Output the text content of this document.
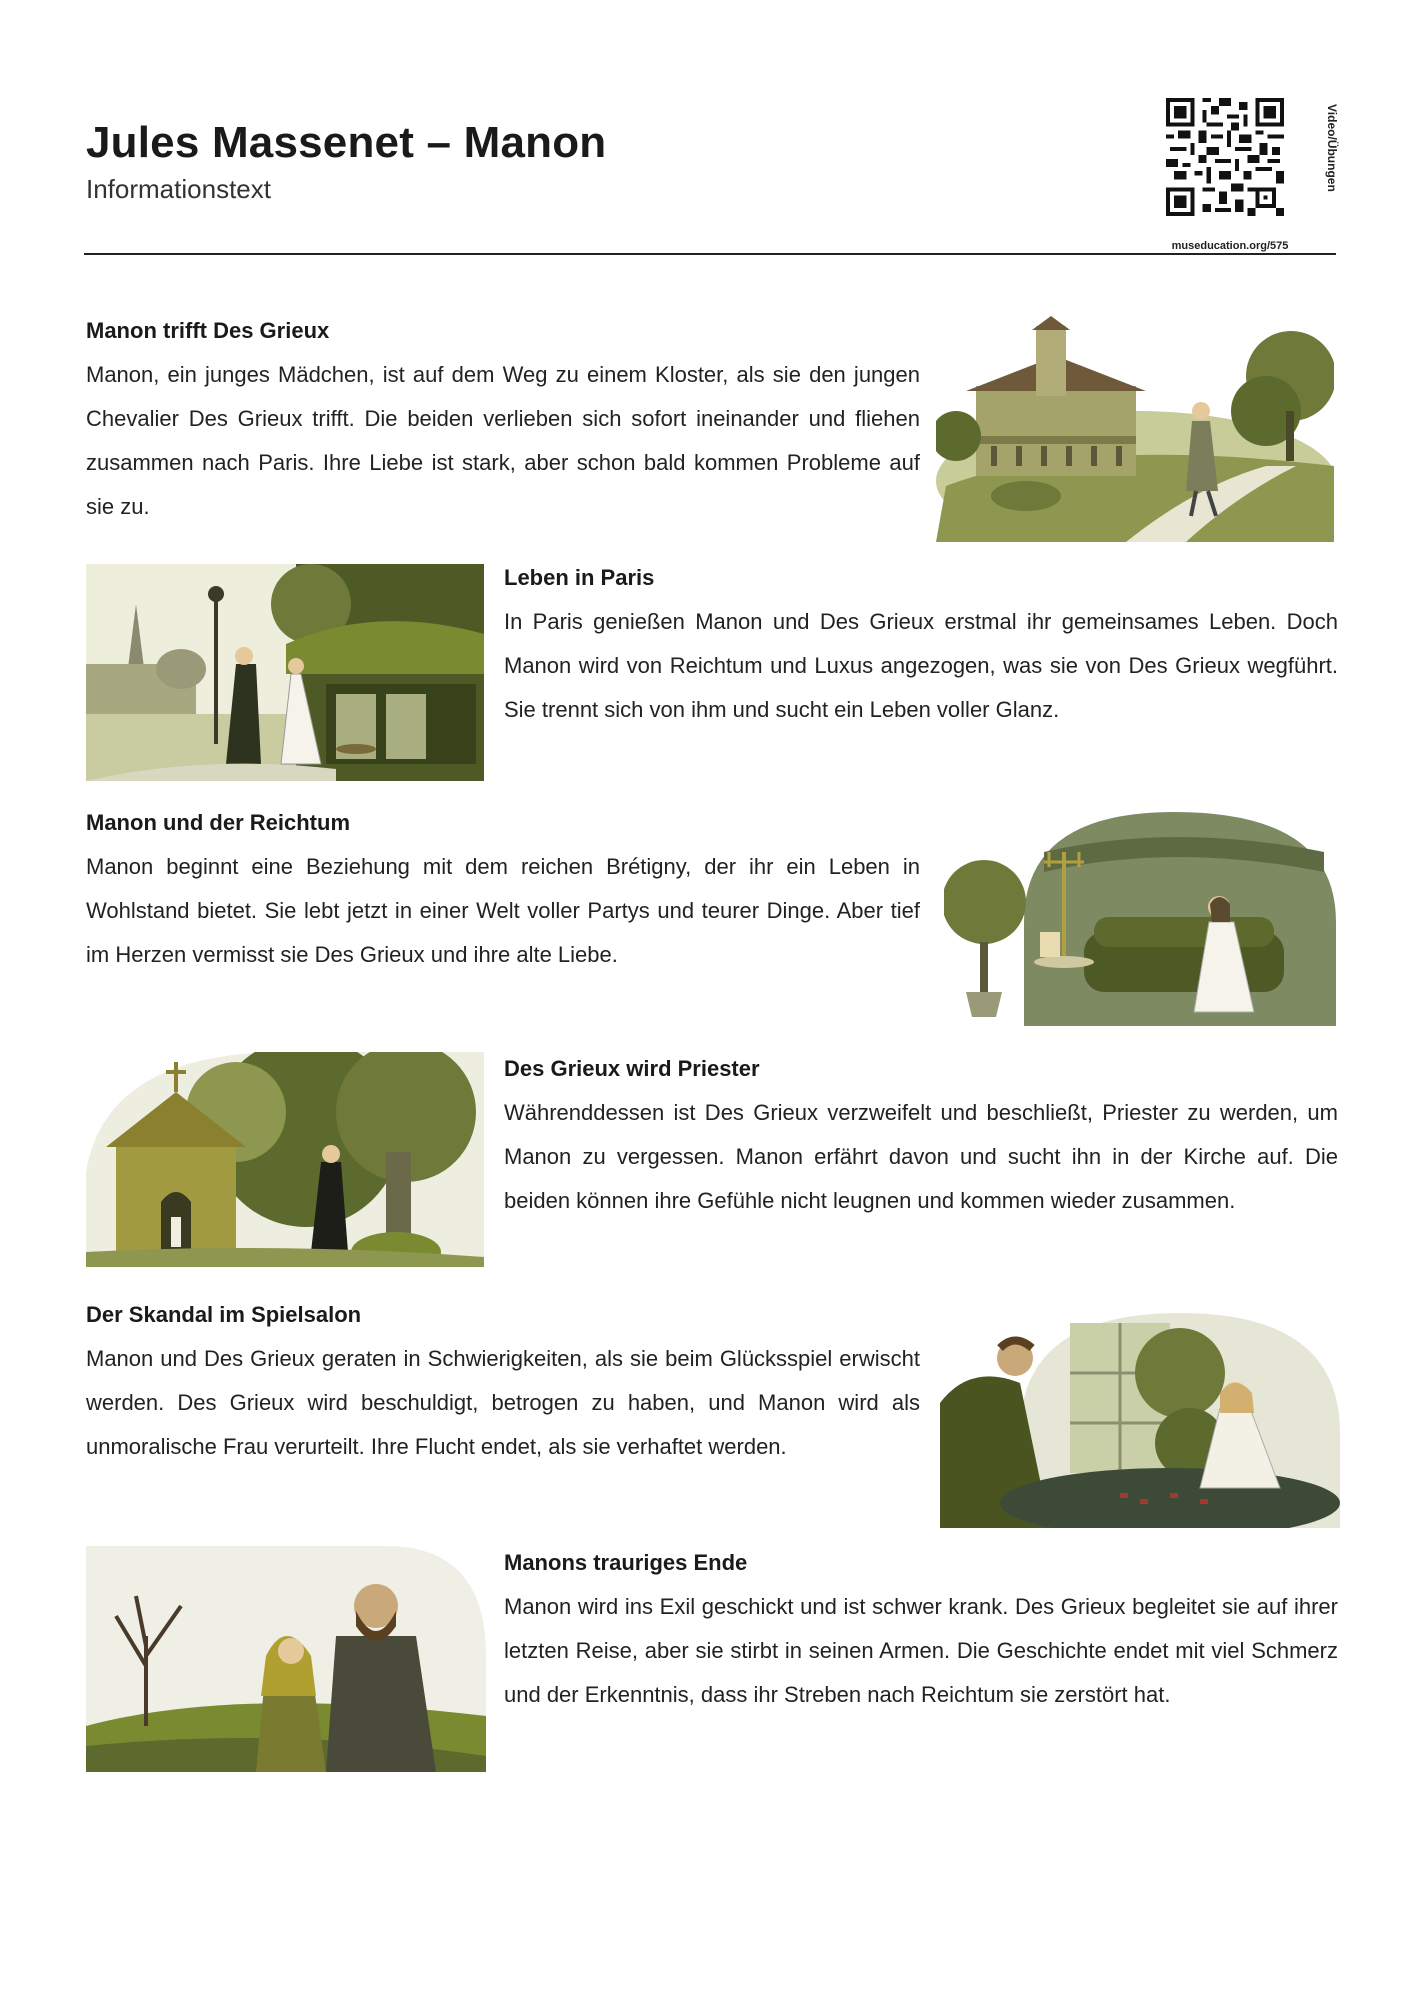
Jules Massenet – Manon
Informationstext	Video/Übungen
museducation.org/575
Manon trifft Des Grieux

Manon, ein junges Mädchen, ist auf dem Weg zu einem Kloster, als sie den jungen Chevalier Des Grieux trifft. Die beiden verlieben sich sofort ineinander und fliehen zusammen nach Paris. Ihre Liebe ist stark, aber schon bald kommen Probleme auf sie zu.

Leben in Paris

In Paris genießen Manon und Des Grieux erstmal ihr gemeinsames Leben. Doch Manon wird von Reichtum und Luxus angezogen, was sie von Des Grieux wegführt. Sie trennt sich von ihm und sucht ein Leben voller Glanz.

Manon und der Reichtum

Manon beginnt eine Beziehung mit dem reichen Brétigny, der ihr ein Leben in Wohlstand bietet. Sie lebt jetzt in einer Welt voller Partys und teurer Dinge. Aber tief im Herzen vermisst sie Des Grieux und ihre alte Liebe.

Des Grieux wird Priester

Währenddessen ist Des Grieux verzweifelt und beschließt, Priester zu werden, um Manon zu vergessen. Manon erfährt davon und sucht ihn in der Kirche auf. Die beiden können ihre Gefühle nicht leugnen und kommen wieder zusammen.

Der Skandal im Spielsalon

Manon und Des Grieux geraten in Schwierigkeiten, als sie beim Glücksspiel erwischt werden. Des Grieux wird beschuldigt, betrogen zu haben, und Manon wird als unmoralische Frau verurteilt. Ihre Flucht endet, als sie verhaftet werden.

Manons trauriges Ende

Manon wird ins Exil geschickt und ist schwer krank. Des Grieux begleitet sie auf ihrer letzten Reise, aber sie stirbt in seinen Armen. Die Geschichte endet mit viel Schmerz und der Erkenntnis, dass ihr Streben nach Reichtum sie zerstört hat.
